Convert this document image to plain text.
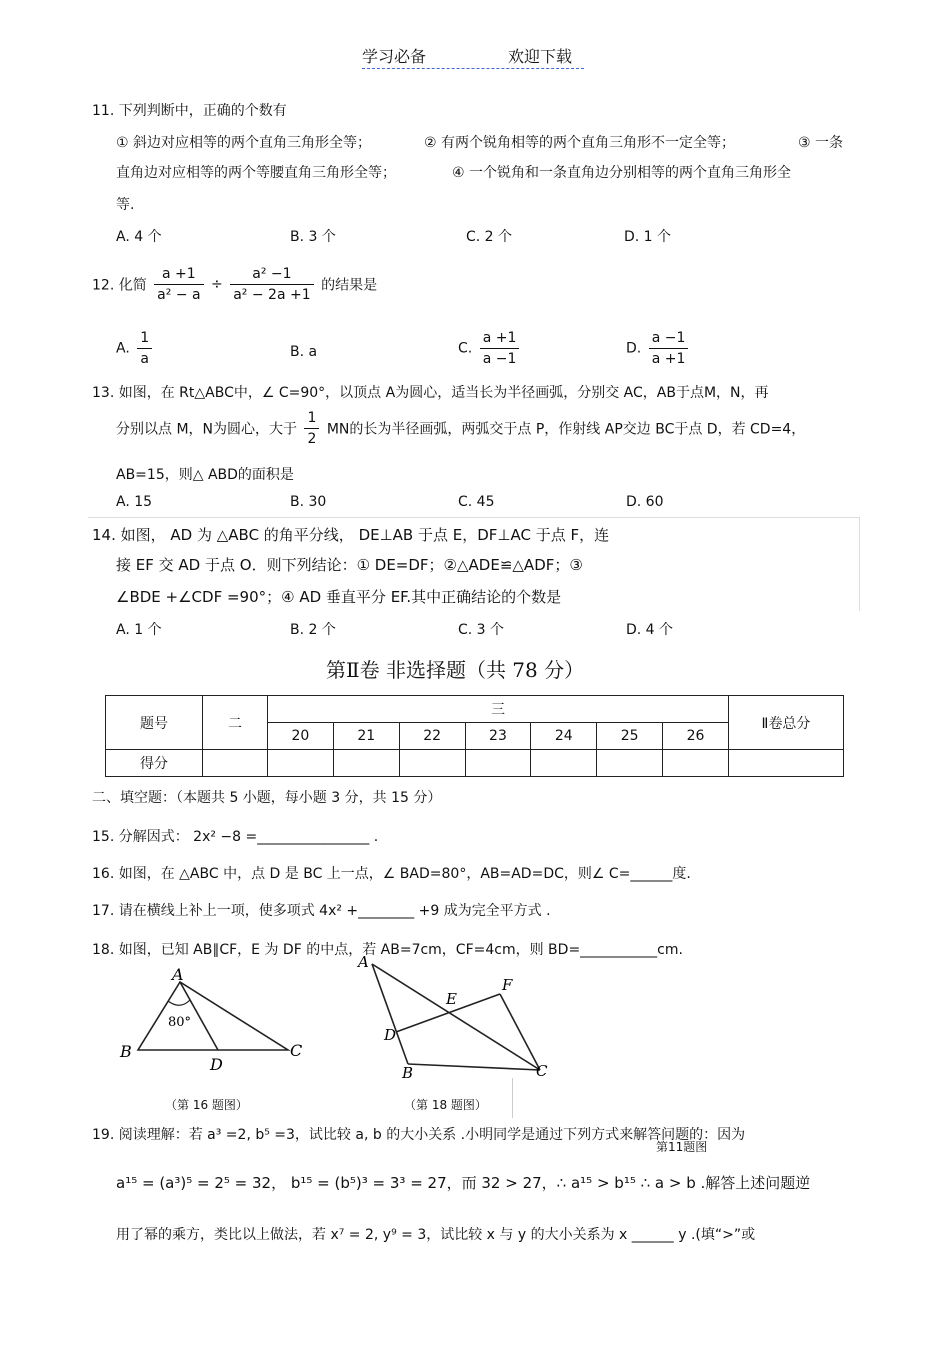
学习必备	欢迎下载
11. 下列判断中，正确的个数有
① 斜边对应相等的两个直角三角形全等；	② 有两个锐角相等的两个直角三角形不一定全等；	③ 一条
直角边对应相等的两个等腰直角三角形全等；	④ 一个锐角和一条直角边分别相等的两个直角三角形全
等.
A. 4 个	B. 3 个	C. 2 个	D. 1 个
12. 化简 $\frac{a +1}{\text{a² − a}} \div \frac{\text{a² −1}}{\text{a² − 2a +1}}$ 的结果是
A. $\frac{1}{a}$	B. a	C. $\frac{a +1}{a -1}$	D. $\frac{a -1}{a +1}$
13. 如图，在 Rt△ABC中，∠ C=90°，以顶点 A为圆心，适当长为半径画弧，分别交 AC，AB于点M，N，再
分别以点 M，N为圆心，大于 $\frac{1}{2}$ MN的长为半径画弧，两弧交于点 P，作射线 AP交边 BC于点 D，若 CD=4，
AB=15，则△ ABD的面积是
A. 15	B. 30	C. 45	D. 60
14. 如图， AD 为 △ABC 的角平分线， DE⊥AB 于点 E，DF⊥AC 于点 F，连
接 EF 交 AD 于点 O．则下列结论：① DE=DF；②△ADE≌△ADF；③
∠BDE +∠CDF =90°；④ AD 垂直平分 EF.其中正确结论的个数是
A. 1 个	B. 2 个	C. 3 个	D. 4 个
第Ⅱ卷 非选择题（共 78 分）
题号	二	三							Ⅱ卷总分
		20	21	22	23	24	25	26	
得分									
二、填空题：（本题共 5 小题，每小题 3 分，共 15 分）
15. 分解因式： 2x² −8 =________________ .
16. 如图，在 △ABC 中，点 D 是 BC 上一点，∠ BAD=80°，AB=AD=DC，则∠ C=______度.
17. 请在横线上补上一项，使多项式 4x² +________ +9 成为完全平方式 .
18. 如图，已知 AB∥CF，E 为 DF 的中点，若 AB=7cm，CF=4cm，则 BD=___________cm.
A
B	C
D
80°
（第 16 题图）
A
E
F
D
B	C
（第 18 题图）
第11题图
19. 阅读理解：若 a³ =2, b⁵ =3，试比较 a, b 的大小关系 .小明同学是通过下列方式来解答问题的：因为
a¹⁵ = (a³)⁵ = 2⁵ = 32， b¹⁵ = (b⁵)³ = 3³ = 27，而 32 > 27，∴ a¹⁵ > b¹⁵ ∴ a > b .解答上述问题逆
用了幂的乘方，类比以上做法，若 x⁷ = 2, y⁹ = 3，试比较 x 与 y 的大小关系为 x ______ y .(填“>”或
